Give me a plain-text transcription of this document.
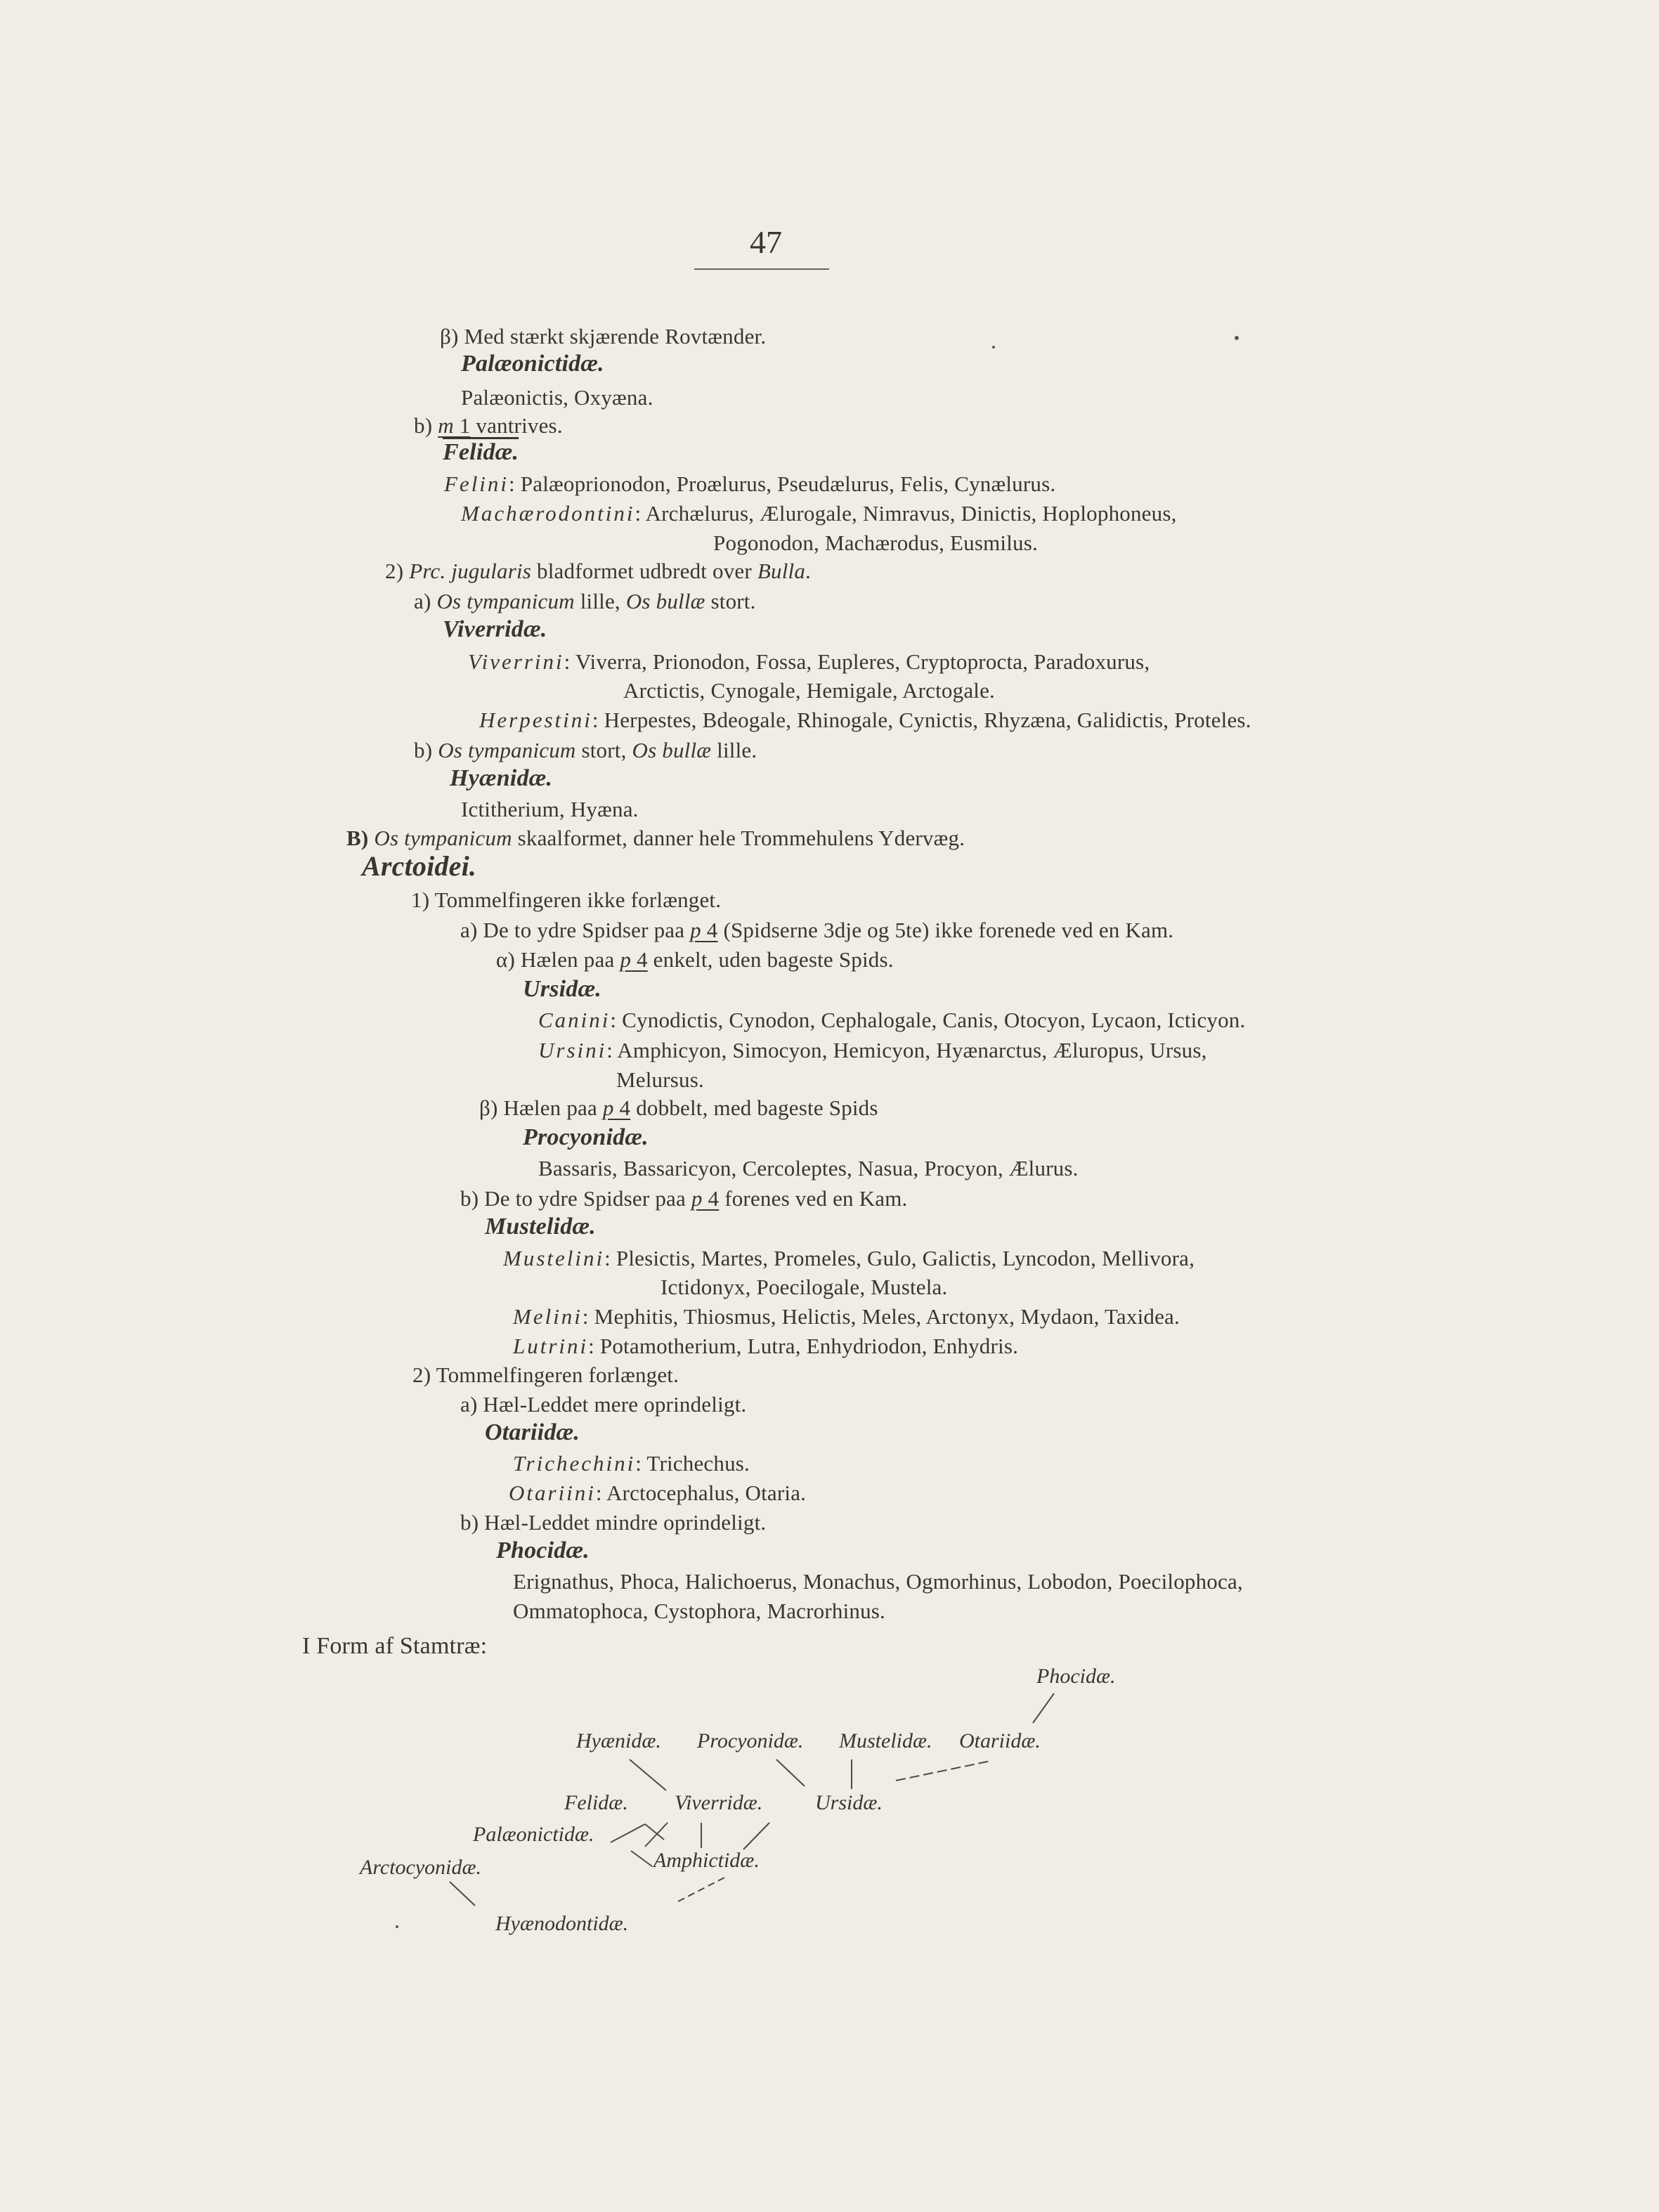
47
β) Med stærkt skjærende Rovtænder.
Palæonictidæ.
Palæonictis, Oxyæna.
b) m 1 vantrives.
Felidæ.
Felini: Palæoprionodon, Proælurus, Pseudælurus, Felis, Cynælurus.
Machærodontini: Archælurus, Ælurogale, Nimravus, Dinictis, Hoplophoneus,
Pogonodon, Machærodus, Eusmilus.
2) Prc. jugularis bladformet udbredt over Bulla.
a) Os tympanicum lille, Os bullæ stort.
Viverridæ.
Viverrini: Viverra, Prionodon, Fossa, Eupleres, Cryptoprocta, Paradoxurus,
Arctictis, Cynogale, Hemigale, Arctogale.
Herpestini: Herpestes, Bdeogale, Rhinogale, Cynictis, Rhyzæna, Galidictis, Proteles.
b) Os tympanicum stort, Os bullæ lille.
Hyænidæ.
Ictitherium, Hyæna.
B) Os tympanicum skaalformet, danner hele Trommehulens Ydervæg.
Arctoidei.
1) Tommelfingeren ikke forlænget.
a) De to ydre Spidser paa p 4 (Spidserne 3dje og 5te) ikke forenede ved en Kam.
α) Hælen paa p 4 enkelt, uden bageste Spids.
Ursidæ.
Canini: Cynodictis, Cynodon, Cephalogale, Canis, Otocyon, Lycaon, Icticyon.
Ursini: Amphicyon, Simocyon, Hemicyon, Hyænarctus, Æluropus, Ursus,
Melursus.
β) Hælen paa p 4 dobbelt, med bageste Spids
Procyonidæ.
Bassaris, Bassaricyon, Cercoleptes, Nasua, Procyon, Ælurus.
b) De to ydre Spidser paa p 4 forenes ved en Kam.
Mustelidæ.
Mustelini: Plesictis, Martes, Promeles, Gulo, Galictis, Lyncodon, Mellivora,
Ictidonyx, Poecilogale, Mustela.
Melini: Mephitis, Thiosmus, Helictis, Meles, Arctonyx, Mydaon, Taxidea.
Lutrini: Potamotherium, Lutra, Enhydriodon, Enhydris.
2) Tommelfingeren forlænget.
a) Hæl-Leddet mere oprindeligt.
Otariidæ.
Trichechini: Trichechus.
Otariini: Arctocephalus, Otaria.
b) Hæl-Leddet mindre oprindeligt.
Phocidæ.
Erignathus, Phoca, Halichoerus, Monachus, Ogmorhinus, Lobodon, Poecilophoca,
Ommatophoca, Cystophora, Macrorhinus.
I Form af Stamtræ:
Phocidæ.
Hyænidæ. Procyonidæ. Mustelidæ. Otariidæ.
Felidæ. Viverridæ. Ursidæ.
Palæonictidæ.
Amphictidæ.
Arctocyonidæ.
Hyænodontidæ.
